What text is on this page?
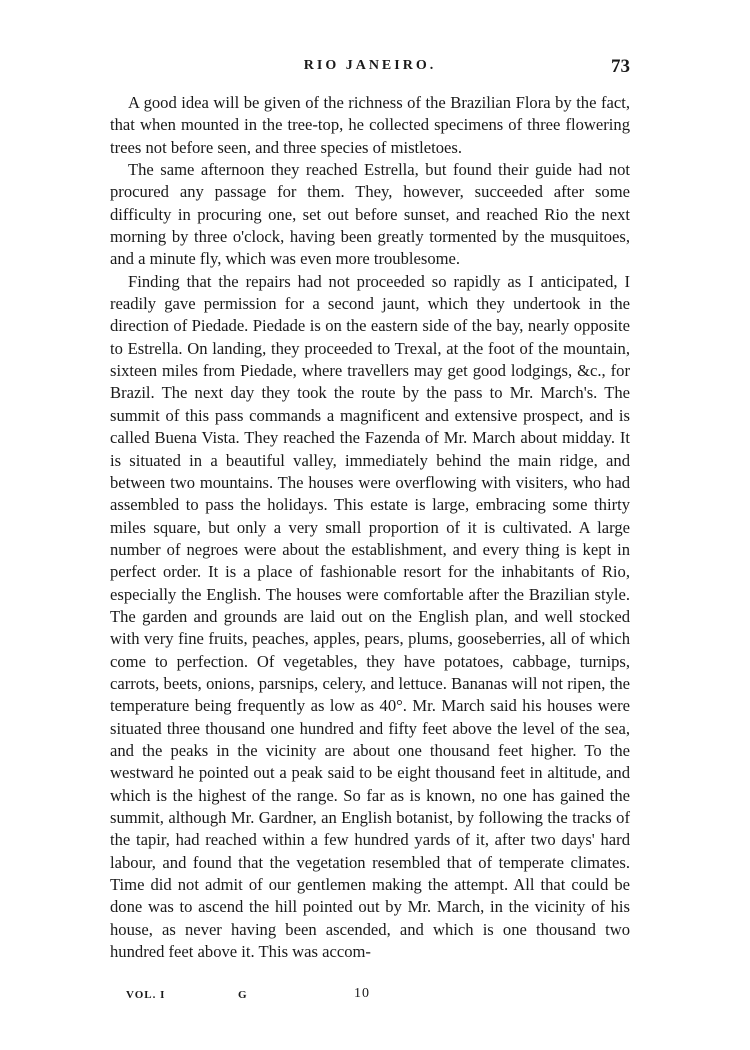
RIO JANEIRO.	73

A good idea will be given of the richness of the Brazilian Flora by the fact, that when mounted in the tree-top, he collected specimens of three flowering trees not before seen, and three species of mistletoes.

The same afternoon they reached Estrella, but found their guide had not procured any passage for them. They, however, succeeded after some difficulty in procuring one, set out before sunset, and reached Rio the next morning by three o'clock, having been greatly tormented by the musquitoes, and a minute fly, which was even more troublesome.

Finding that the repairs had not proceeded so rapidly as I anticipated, I readily gave permission for a second jaunt, which they undertook in the direction of Piedade. Piedade is on the eastern side of the bay, nearly opposite to Estrella. On landing, they proceeded to Trexal, at the foot of the mountain, sixteen miles from Piedade, where travellers may get good lodgings, &c., for Brazil. The next day they took the route by the pass to Mr. March's. The summit of this pass commands a magnificent and extensive prospect, and is called Buena Vista. They reached the Fazenda of Mr. March about midday. It is situated in a beautiful valley, immediately behind the main ridge, and between two mountains. The houses were overflowing with visiters, who had assembled to pass the holidays. This estate is large, embracing some thirty miles square, but only a very small proportion of it is cultivated. A large number of negroes were about the establishment, and every thing is kept in perfect order. It is a place of fashionable resort for the inhabitants of Rio, especially the English. The houses were comfortable after the Brazilian style. The garden and grounds are laid out on the English plan, and well stocked with very fine fruits, peaches, apples, pears, plums, gooseberries, all of which come to perfection. Of vegetables, they have potatoes, cabbage, turnips, carrots, beets, onions, parsnips, celery, and lettuce. Bananas will not ripen, the temperature being frequently as low as 40°. Mr. March said his houses were situated three thousand one hundred and fifty feet above the level of the sea, and the peaks in the vicinity are about one thousand feet higher. To the westward he pointed out a peak said to be eight thousand feet in altitude, and which is the highest of the range. So far as is known, no one has gained the summit, although Mr. Gardner, an English botanist, by following the tracks of the tapir, had reached within a few hundred yards of it, after two days' hard labour, and found that the vegetation resembled that of temperate climates. Time did not admit of our gentlemen making the attempt. All that could be done was to ascend the hill pointed out by Mr. March, in the vicinity of his house, as never having been ascended, and which is one thousand two hundred feet above it. This was accom-

VOL. I	G	10
